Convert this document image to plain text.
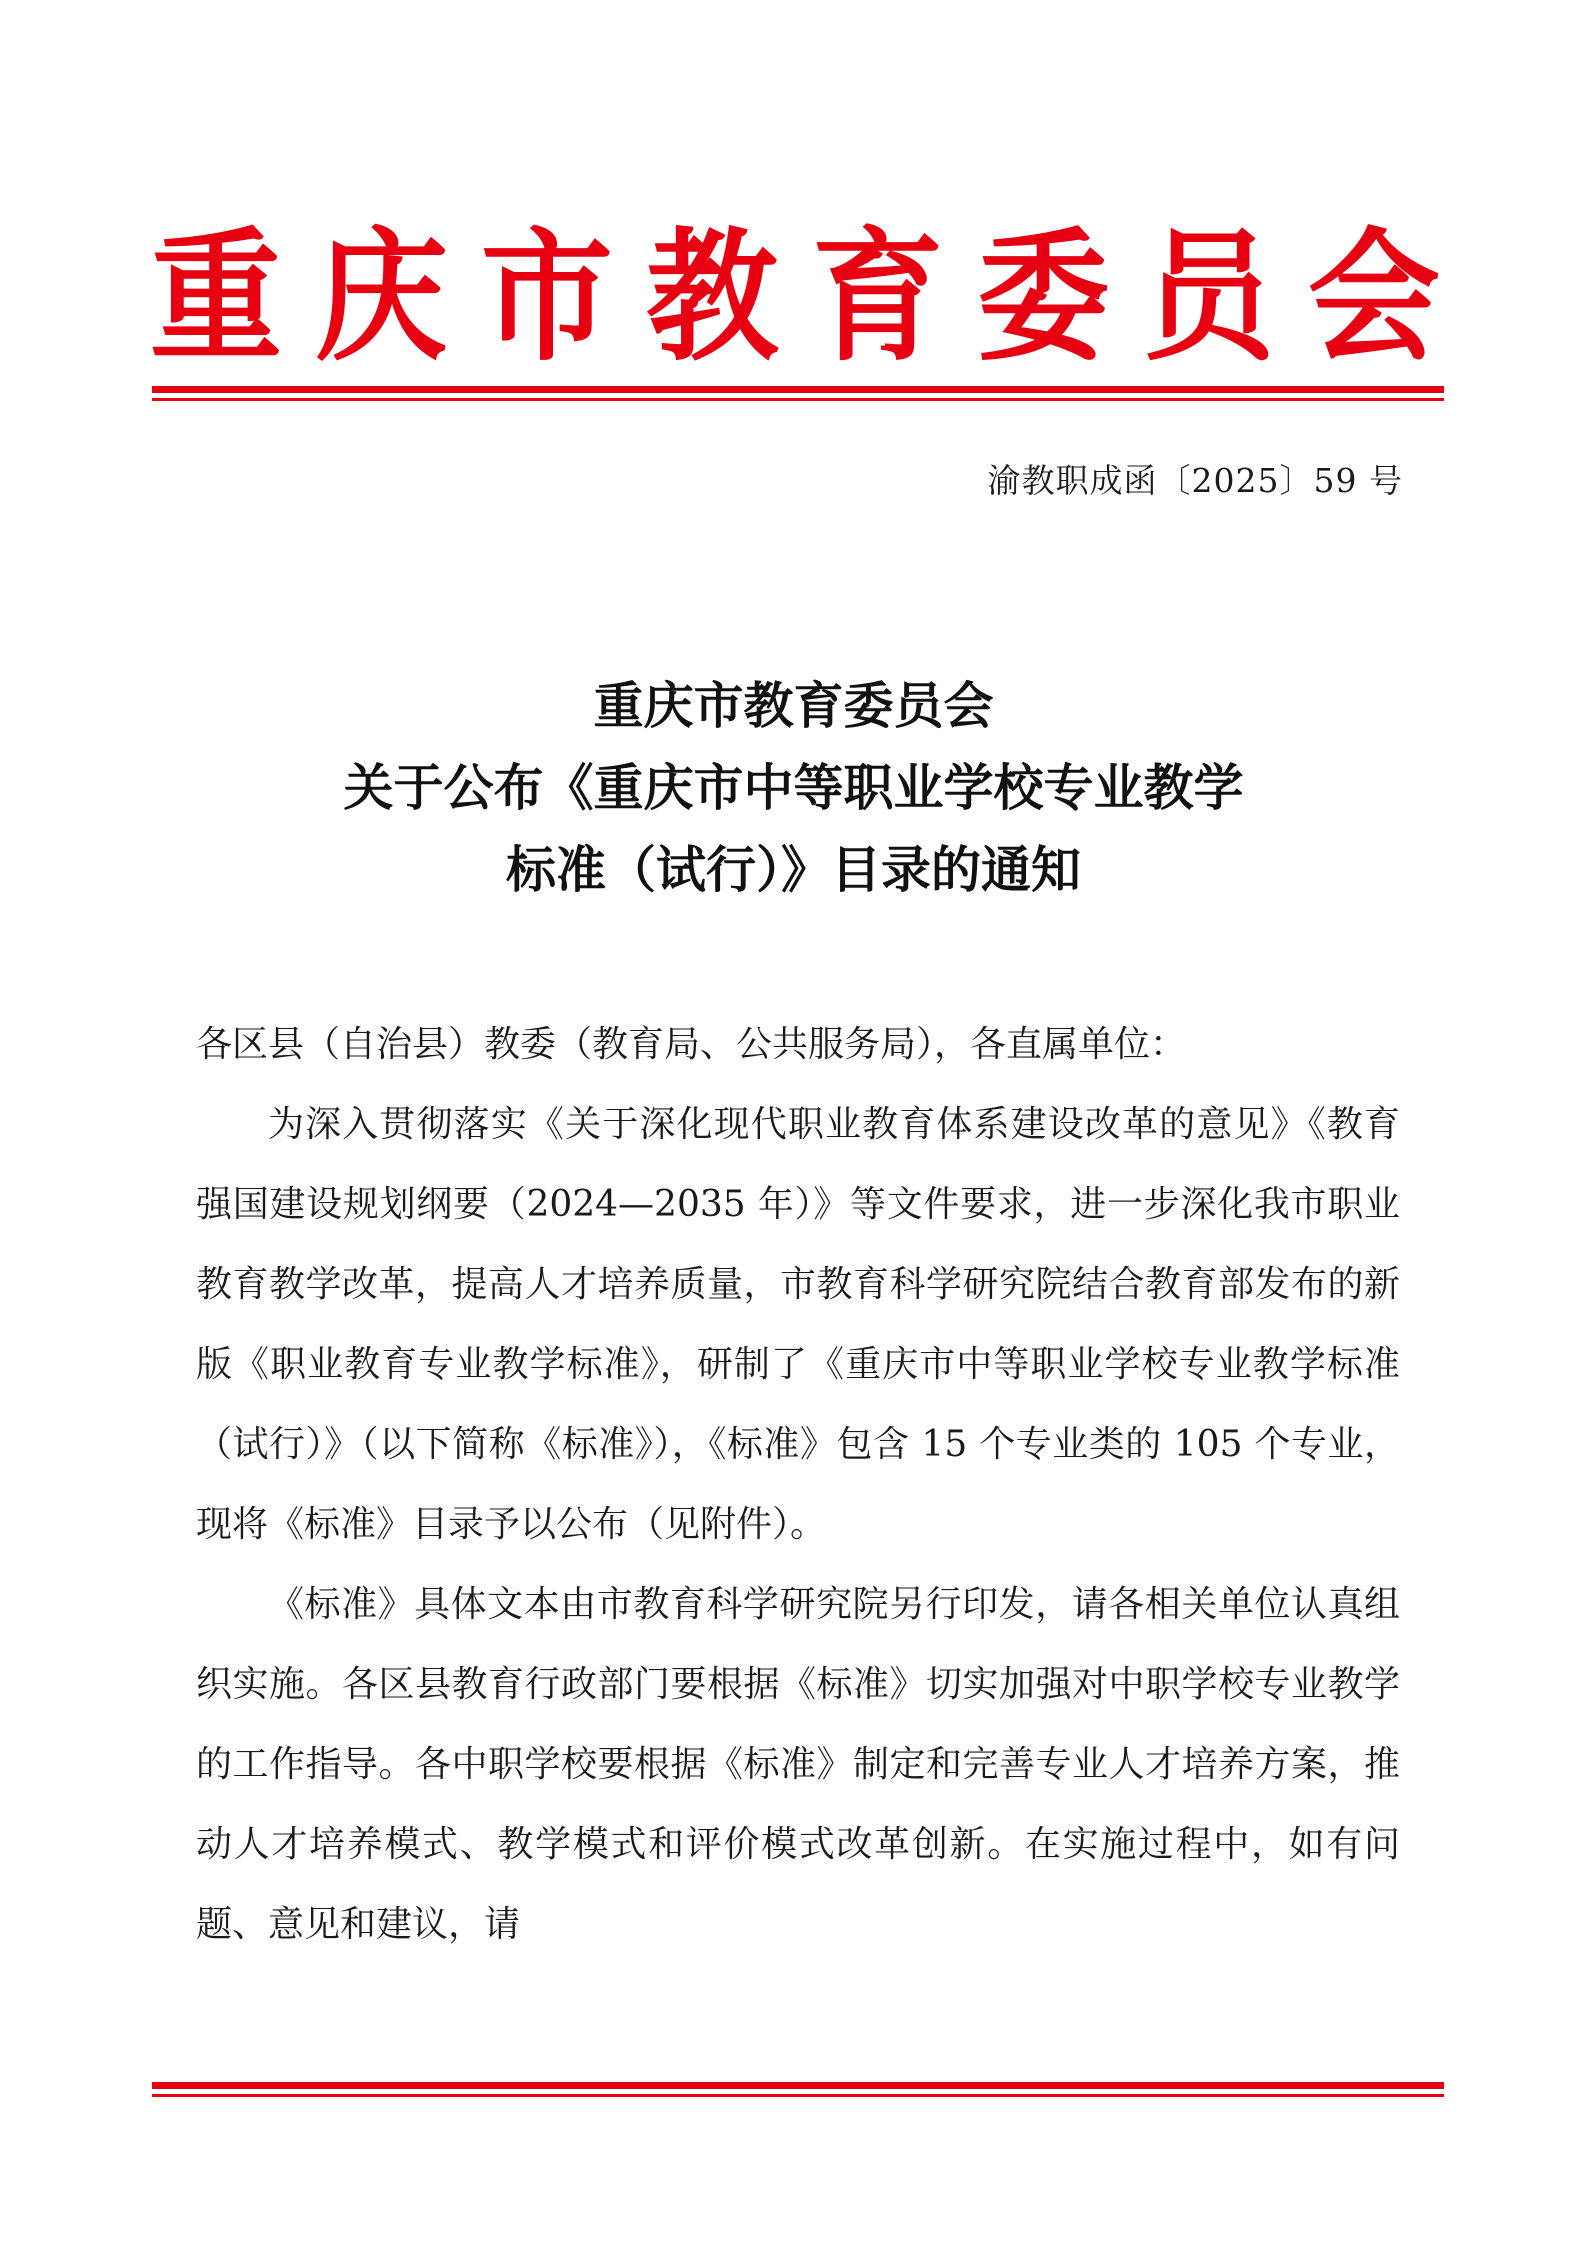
重 庆 市 教 育 委 员 会
渝教职成函〔2025〕59 号
重庆市教育委员会
关于公布《重庆市中等职业学校专业教学
标准（试行）》目录的通知

各区县（自治县）教委（教育局、公共服务局），各直属单位：

为深入贯彻落实《关于深化现代职业教育体系建设改革的意见》《教育强国建设规划纲要（2024—2035 年）》等文件要求，进一步深化我市职业教育教学改革，提高人才培养质量，市教育科学研究院结合教育部发布的新版《职业教育专业教学标准》，研制了《重庆市中等职业学校专业教学标准（试行）》（以下简称《标准》），《标准》包含 15 个专业类的 105 个专业，现将《标准》目录予以公布（见附件）。

《标准》具体文本由市教育科学研究院另行印发，请各相关单位认真组织实施。各区县教育行政部门要根据《标准》切实加强对中职学校专业教学的工作指导。各中职学校要根据《标准》制定和完善专业人才培养方案，推动人才培养模式、教学模式和评价模式改革创新。在实施过程中，如有问题、意见和建议，请
